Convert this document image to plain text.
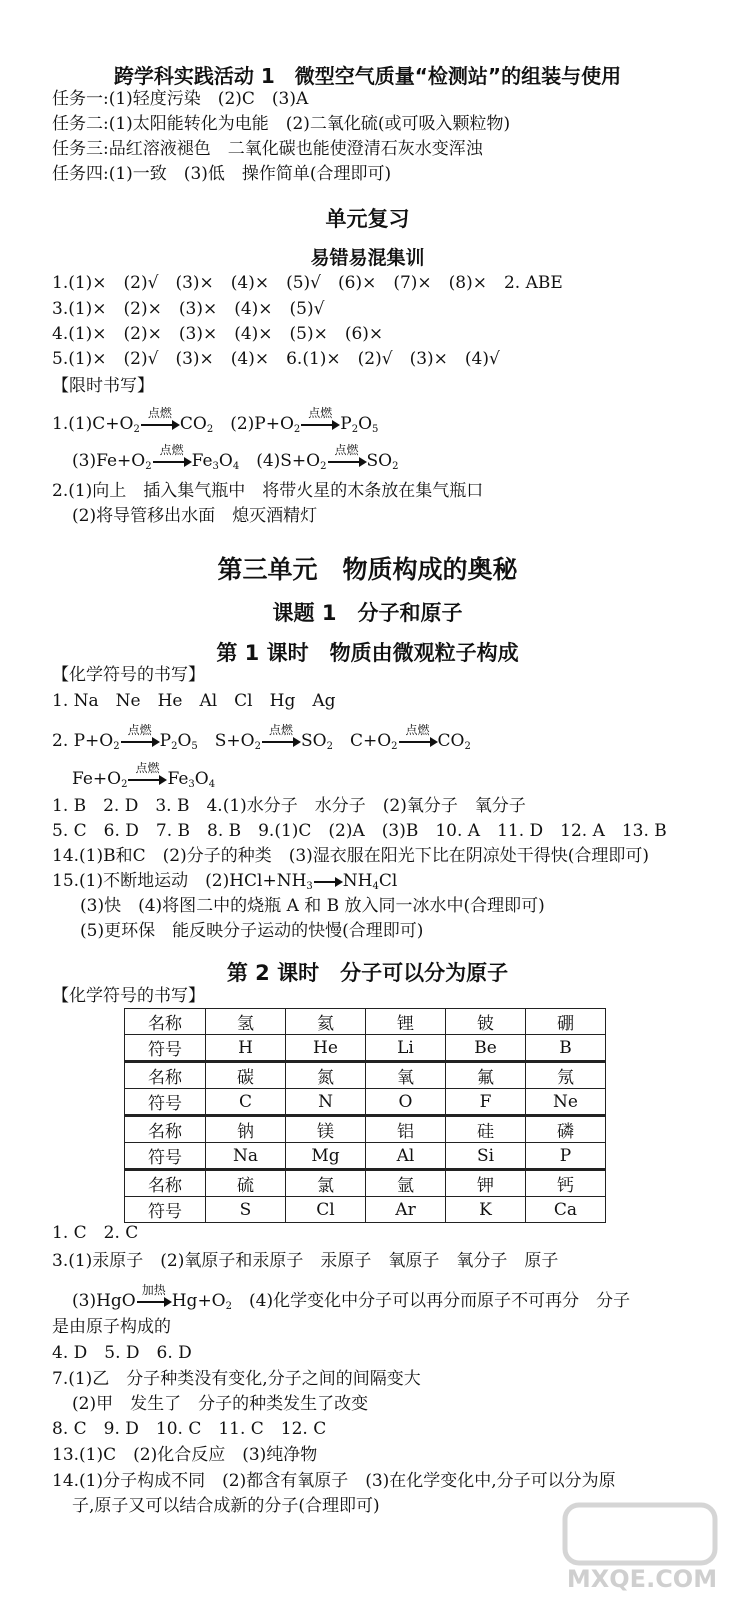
跨学科实践活动 1　微型空气质量“检测站”的组装与使用
任务一:(1)轻度污染　(2)C　(3)A
任务二:(1)太阳能转化为电能　(2)二氧化硫(或可吸入颗粒物)
任务三:品红溶液褪色　二氧化碳也能使澄清石灰水变浑浊
任务四:(1)一致　(3)低　操作简单(合理即可)
单元复习
易错易混集训
1.(1)×　(2)√　(3)×　(4)×　(5)√　(6)×　(7)×　(8)×　2. ABE
3.(1)×　(2)×　(3)×　(4)×　(5)√
4.(1)×　(2)×　(3)×　(4)×　(5)×　(6)×
5.(1)×　(2)√　(3)×　(4)×　6.(1)×　(2)√　(3)×　(4)√
【限时书写】
$1.(1)C+O_2$
点燃
$CO_2$　 $(2)P+O_2$
点燃
$P_2O_5$
$(3)Fe+O_2$
点燃
$Fe_3O_4$　 $(4)S+O_2$
点燃
$SO_2$
2.(1)向上　插入集气瓶中　将带火星的木条放在集气瓶口
(2)将导管移出水面　熄灭酒精灯
第三单元　物质构成的奥秘
课题 1　分子和原子
第 1 课时　物质由微观粒子构成
【化学符号的书写】
1. Na　Ne　He　Al　Cl　Hg　Ag
2. $P+O_2$
点燃
$P_2O_5$　 $S+O_2$
点燃
$SO_2$　 $C+O_2$
点燃
$CO_2$
$Fe+O_2$
点燃
$Fe_3O_4$
1. B　2. D　3. B　4.(1)水分子　水分子　(2)氧分子　氧分子
5. C　6. D　7. B　8. B　9.(1)C　(2)A　(3)B　10. A　11. D　12. A　13. B
14.(1)B和C　(2)分子的种类　(3)湿衣服在阳光下比在阴凉处干得快(合理即可)
15.(1)不断地运动　$(2)HCl+NH_3$ $NH_4Cl$
(3)快　(4)将图二中的烧瓶 A 和 B 放入同一冰水中(合理即可)
(5)更环保　能反映分子运动的快慢(合理即可)
第 2 课时　分子可以分为原子
【化学符号的书写】
名称	氢	氦	锂	铍	硼
符号	H	He	Li	Be	B
名称	碳	氮	氧	氟	氖
符号	C	N	O	F	Ne
名称	钠	镁	铝	硅	磷
符号	Na	Mg	Al	Si	P
名称	硫	氯	氩	钾	钙
符号	S	Cl	Ar	K	Ca
1. C　2. C
3.(1)汞原子　(2)氧原子和汞原子　汞原子　氧原子　氧分子　原子
(3)HgO
加热
$Hg+O_2$　 (4)化学变化中分子可以再分而原子不可再分　分子
是由原子构成的
4. D　5. D　6. D
7.(1)乙　分子种类没有变化,分子之间的间隔变大
(2)甲　发生了　分子的种类发生了改变
8. C　9. D　10. C　11. C　12. C
13.(1)C　(2)化合反应　(3)纯净物
14.(1)分子构成不同　(2)都含有氧原子　(3)在化学变化中,分子可以分为原
子,原子又可以结合成新的分子(合理即可)
MXQE.COM
